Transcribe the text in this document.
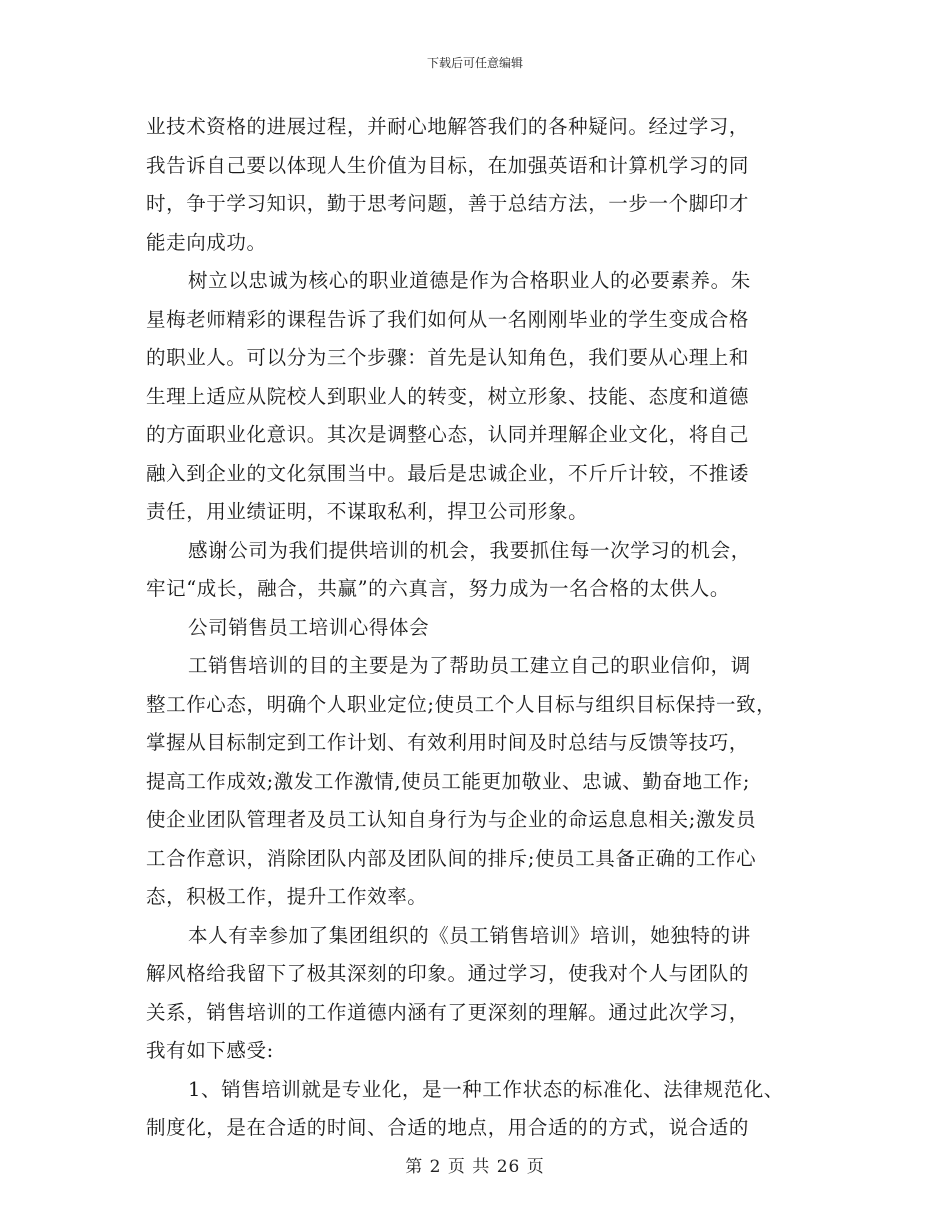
下载后可任意编辑
业技术资格的进展过程，并耐心地解答我们的各种疑问。经过学习，
我告诉自己要以体现人生价值为目标，在加强英语和计算机学习的同
时，争于学习知识，勤于思考问题，善于总结方法，一步一个脚印才
能走向成功。
树立以忠诚为核心的职业道德是作为合格职业人的必要素养。朱
星梅老师精彩的课程告诉了我们如何从一名刚刚毕业的学生变成合格
的职业人。可以分为三个步骤：首先是认知角色，我们要从心理上和
生理上适应从院校人到职业人的转变，树立形象、技能、态度和道德
的方面职业化意识。其次是调整心态，认同并理解企业文化，将自己
融入到企业的文化氛围当中。最后是忠诚企业，不斤斤计较，不推诿
责任，用业绩证明，不谋取私利，捍卫公司形象。
感谢公司为我们提供培训的机会，我要抓住每一次学习的机会，
牢记“成长，融合，共赢”的六真言，努力成为一名合格的太供人。
公司销售员工培训心得体会
工销售培训的目的主要是为了帮助员工建立自己的职业信仰，调
整工作心态，明确个人职业定位;使员工个人目标与组织目标保持一致，
掌握从目标制定到工作计划、有效利用时间及时总结与反馈等技巧，
提高工作成效;激发工作激情,使员工能更加敬业、忠诚、勤奋地工作;
使企业团队管理者及员工认知自身行为与企业的命运息息相关;激发员
工合作意识，消除团队内部及团队间的排斥;使员工具备正确的工作心
态，积极工作，提升工作效率。
本人有幸参加了集团组织的《员工销售培训》培训，她独特的讲
解风格给我留下了极其深刻的印象。通过学习，使我对个人与团队的
关系，销售培训的工作道德内涵有了更深刻的理解。通过此次学习，
我有如下感受:
1、销售培训就是专业化，是一种工作状态的标准化、法律规范化、
制度化，是在合适的时间、合适的地点，用合适的的方式，说合适的
第 2 页 共 26 页
